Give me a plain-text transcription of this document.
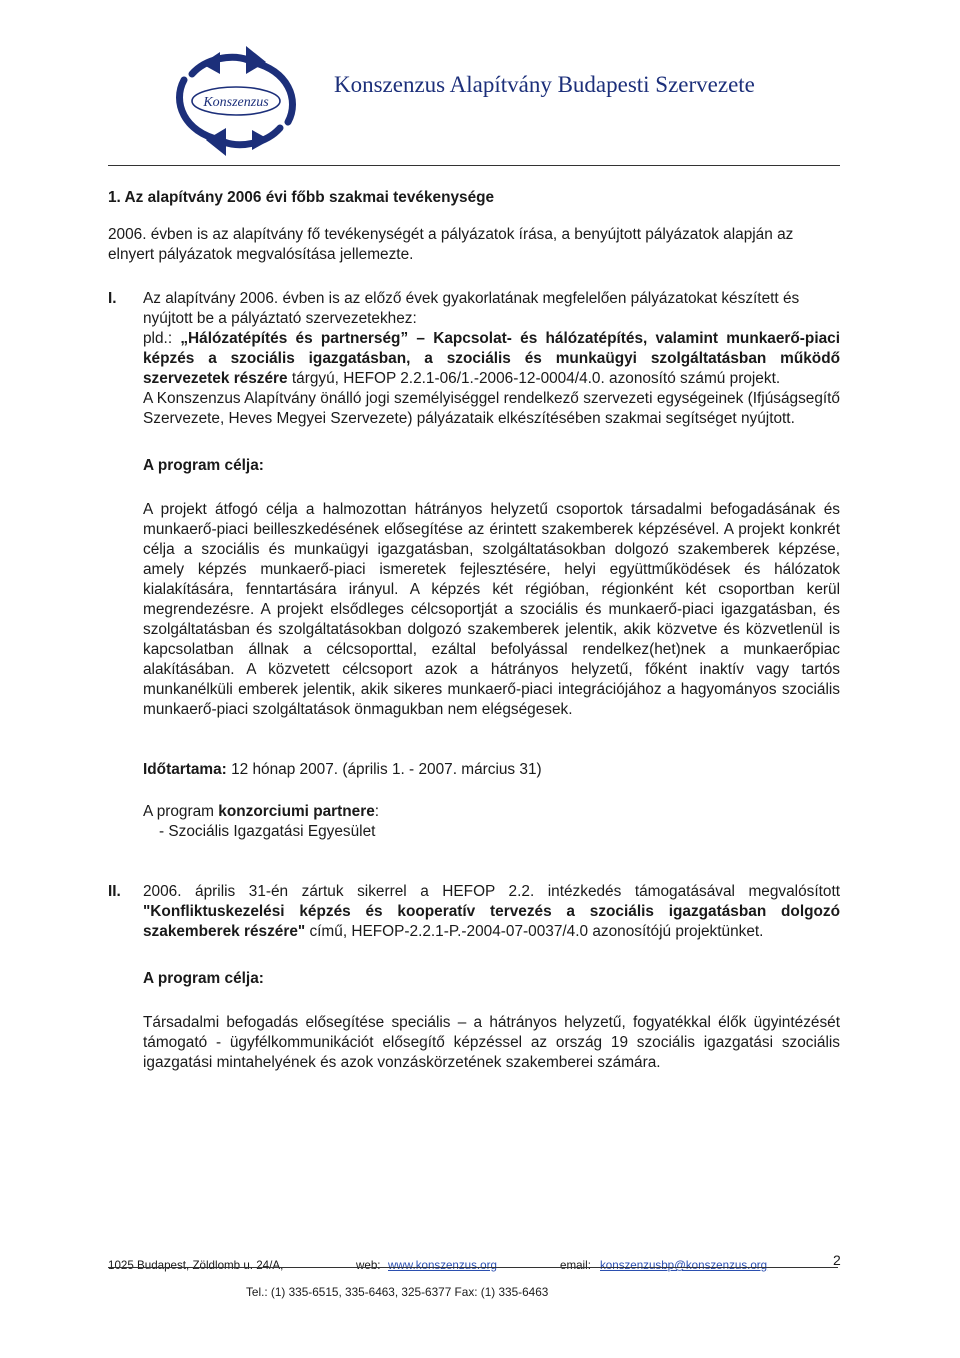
Konszenzus
Konszenzus Alapítvány Budapesti Szervezete
1. Az alapítvány 2006 évi főbb szakmai tevékenysége

2006. évben is az alapítvány fő tevékenységét a pályázatok írása, a benyújtott pályázatok alapján az elnyert pályázatok megvalósítása jellemezte.

I. Az alapítvány 2006. évben is az előző évek gyakorlatának megfelelően pályázatokat készített és nyújtott be a pályáztató szervezetekhez:

pld.: „Hálózatépítés és partnerség” – Kapcsolat- és hálózatépítés, valamint munkaerő-piaci képzés a szociális igazgatásban, a szociális és munkaügyi szolgáltatásban működő szervezetek részére tárgyú, HEFOP 2.2.1-06/1.-2006-12-0004/4.0. azonosító számú projekt.

A Konszenzus Alapítvány önálló jogi személyiséggel rendelkező szervezeti egységeinek (Ifjúságsegítő Szervezete, Heves Megyei Szervezete) pályázataik elkészítésében szakmai segítséget nyújtott.

A program célja:

A projekt átfogó célja a halmozottan hátrányos helyzetű csoportok társadalmi befogadásának és munkaerő-piaci beilleszkedésének elősegítése az érintett szakemberek képzésével. A projekt konkrét célja a szociális és munkaügyi igazgatásban, szolgáltatásokban dolgozó szakemberek képzése, amely képzés munkaerő-piaci ismeretek fejlesztésére, helyi együttműködések és hálózatok kialakítására, fenntartására irányul. A képzés két régióban, régionként két csoportban kerül megrendezésre. A projekt elsődleges célcsoportját a szociális és munkaerő-piaci igazgatásban, és szolgáltatásban és szolgáltatásokban dolgozó szakemberek jelentik, akik közvetve és közvetlenül is kapcsolatban állnak a célcsoporttal, ezáltal befolyással rendelkez(het)nek a munkaerőpiac alakításában. A közvetett célcsoport azok a hátrányos helyzetű, főként inaktív vagy tartós munkanélküli emberek jelentik, akik sikeres munkaerő-piaci integrációjához a hagyományos szociális munkaerő-piaci szolgáltatások önmagukban nem elégségesek.

Időtartama: 12 hónap 2007. (április 1. - 2007. március 31)

A program konzorciumi partnere:

- Szociális Igazgatási Egyesület

II. 2006. április 31-én zártuk sikerrel a HEFOP 2.2. intézkedés támogatásával megvalósított "Konfliktuskezelési képzés és kooperatív tervezés a szociális igazgatásban dolgozó szakemberek részére" című, HEFOP-2.2.1-P.-2004-07-0037/4.0 azonosítójú projektünket.

A program célja:

Társadalmi befogadás elősegítése speciális – a hátrányos helyzetű, fogyatékkal élők ügyintézését támogató - ügyfélkommunikációt elősegítő képzéssel az ország 19 szociális igazgatási szociális igazgatási mintahelyének és azok vonzáskörzetének szakemberei számára.

2
1025 Budapest, Zöldlomb u. 24/A,	web: www.konszenzus.org	email: konszenzusbp@konszenzus.org
Tel.: (1) 335-6515, 335-6463, 325-6377 Fax: (1) 335-6463
